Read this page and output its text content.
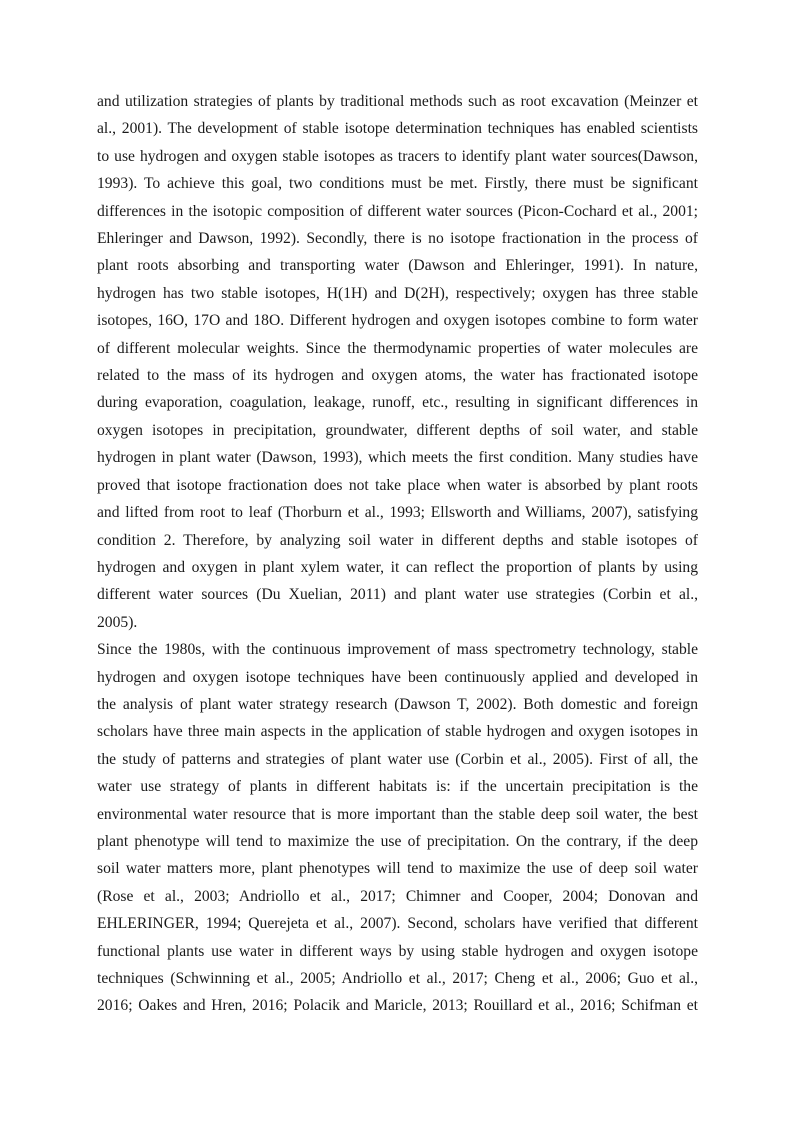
and utilization strategies of plants by traditional methods such as root excavation (Meinzer et
al., 2001). The development of stable isotope determination techniques has enabled scientists
to use hydrogen and oxygen stable isotopes as tracers to identify plant water sources(Dawson,
1993). To achieve this goal, two conditions must be met. Firstly, there must be significant
differences in the isotopic composition of different water sources (Picon-Cochard et al., 2001;
Ehleringer and Dawson, 1992). Secondly, there is no isotope fractionation in the process of
plant roots absorbing and transporting water (Dawson and Ehleringer, 1991). In nature,
hydrogen has two stable isotopes, H(1H) and D(2H), respectively; oxygen has three stable
isotopes, 16O, 17O and 18O. Different hydrogen and oxygen isotopes combine to form water
of different molecular weights. Since the thermodynamic properties of water molecules are
related to the mass of its hydrogen and oxygen atoms, the water has fractionated isotope
during evaporation, coagulation, leakage, runoff, etc., resulting in significant differences in
oxygen isotopes in precipitation, groundwater, different depths of soil water, and stable
hydrogen in plant water (Dawson, 1993), which meets the first condition. Many studies have
proved that isotope fractionation does not take place when water is absorbed by plant roots
and lifted from root to leaf (Thorburn et al., 1993; Ellsworth and Williams, 2007), satisfying
condition 2. Therefore, by analyzing soil water in different depths and stable isotopes of
hydrogen and oxygen in plant xylem water, it can reflect the proportion of plants by using
different water sources (Du Xuelian, 2011) and plant water use strategies (Corbin et al.,
2005).
Since the 1980s, with the continuous improvement of mass spectrometry technology, stable
hydrogen and oxygen isotope techniques have been continuously applied and developed in
the analysis of plant water strategy research (Dawson T, 2002). Both domestic and foreign
scholars have three main aspects in the application of stable hydrogen and oxygen isotopes in
the study of patterns and strategies of plant water use (Corbin et al., 2005). First of all, the
water use strategy of plants in different habitats is: if the uncertain precipitation is the
environmental water resource that is more important than the stable deep soil water, the best
plant phenotype will tend to maximize the use of precipitation. On the contrary, if the deep
soil water matters more, plant phenotypes will tend to maximize the use of deep soil water
(Rose et al., 2003; Andriollo et al., 2017; Chimner and Cooper, 2004; Donovan and
EHLERINGER, 1994; Querejeta et al., 2007). Second, scholars have verified that different
functional plants use water in different ways by using stable hydrogen and oxygen isotope
techniques (Schwinning et al., 2005; Andriollo et al., 2017; Cheng et al., 2006; Guo et al.,
2016; Oakes and Hren, 2016; Polacik and Maricle, 2013; Rouillard et al., 2016; Schifman et
